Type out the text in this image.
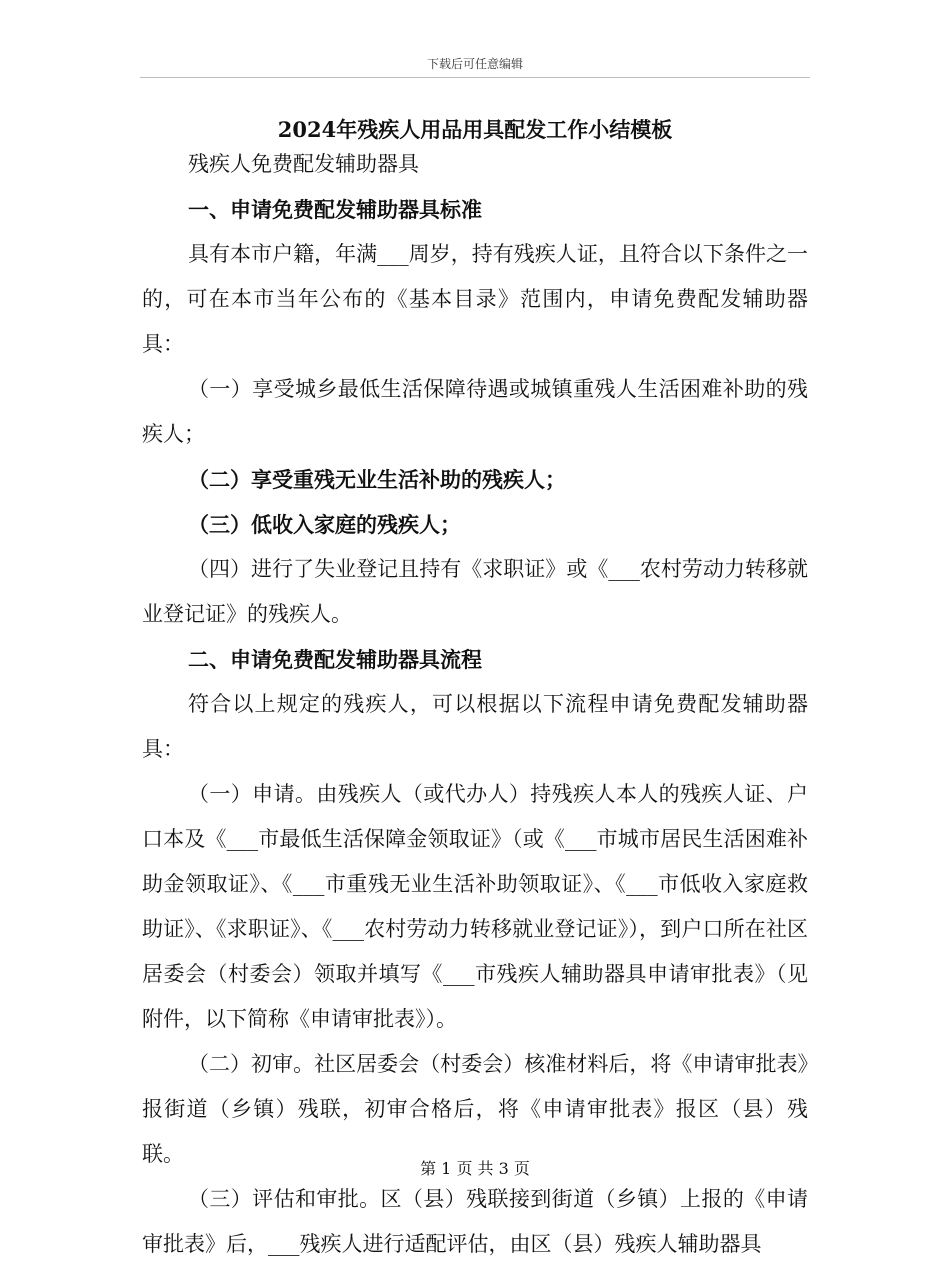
下载后可任意编辑
2024年残疾人用品用具配发工作小结模板

残疾人免费配发辅助器具

一、申请免费配发辅助器具标准

具有本市户籍，年满___周岁，持有残疾人证，且符合以下条件之一的，可在本市当年公布的《基本目录》范围内，申请免费配发辅助器具：

（一）享受城乡最低生活保障待遇或城镇重残人生活困难补助的残疾人；

（二）享受重残无业生活补助的残疾人；

（三）低收入家庭的残疾人；

（四）进行了失业登记且持有《求职证》或《___农村劳动力转移就业登记证》的残疾人。

二、申请免费配发辅助器具流程

符合以上规定的残疾人，可以根据以下流程申请免费配发辅助器具：

（一）申请。由残疾人（或代办人）持残疾人本人的残疾人证、户口本及《___市最低生活保障金领取证》（或《___市城市居民生活困难补助金领取证》、《___市重残无业生活补助领取证》、《___市低收入家庭救助证》、《求职证》、《___农村劳动力转移就业登记证》），到户口所在社区居委会（村委会）领取并填写《___市残疾人辅助器具申请审批表》（见附件，以下简称《申请审批表》）。

（二）初审。社区居委会（村委会）核准材料后，将《申请审批表》报街道（乡镇）残联，初审合格后，将《申请审批表》报区（县）残联。

（三）评估和审批。区（县）残联接到街道（乡镇）上报的《申请审批表》后，___残疾人进行适配评估，由区（县）残疾人辅助器具

第 1 页 共 3 页
